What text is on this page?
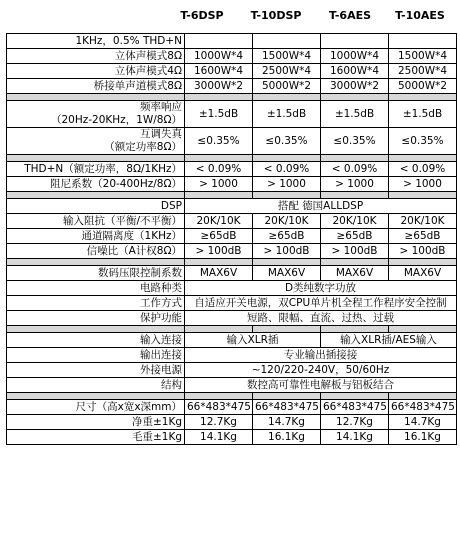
T-6DSP	T-10DSP	T-6AES	T-10AES
1KHz，0.5% THD+N				
立体声模式8Ω	1000W*4	1500W*4	1000W*4	1500W*4
立体声模式4Ω	1600W*4	2500W*4	1600W*4	2500W*4
桥接单声道模式8Ω	3000W*2	5000W*2	3000W*2	5000W*2

频率响应
（20Hz-20KHz，1W/8Ω）	±1.5dB	±1.5dB	±1.5dB	±1.5dB

互调失真
（额定功率8Ω）	≤0.35%	≤0.35%	≤0.35%	≤0.35%

THD+N（额定功率，8Ω/1KHz）	< 0.09%	< 0.09%	< 0.09%	< 0.09%
阻尼系数（20-400Hz/8Ω）	> 1000	> 1000	> 1000	> 1000

DSP	搭配 德国ALLDSP			
输入阻抗（平衡/不平衡）	20K/10K	20K/10K	20K/10K	20K/10K
通道隔离度（1KHz）	≥65dB	≥65dB	≥65dB	≥65dB
信噪比（A计权8Ω）	> 100dB	> 100dB	> 100dB	> 100dB

数码压限控制系数	MAX6V	MAX6V	MAX6V	MAX6V
电路种类	D类纯数字功放			
工作方式	自适应开关电源，双CPU单片机全程工作程序安全控制			
保护功能	短路、限幅、直流、过热、过载			

输入连接	输入XLR插		输入XLR插/AES输入	
输出连接	专业输出插接接			
外接电源	~120/220-240V，50/60Hz			
结构	数控高可靠性电解板与铝板结合			

尺寸（高x宽x深mm）	66*483*475	66*483*475	66*483*475	66*483*475
净重±1Kg	12.7Kg	14.7Kg	12.7Kg	14.7Kg
毛重±1Kg	14.1Kg	16.1Kg	14.1Kg	16.1Kg
